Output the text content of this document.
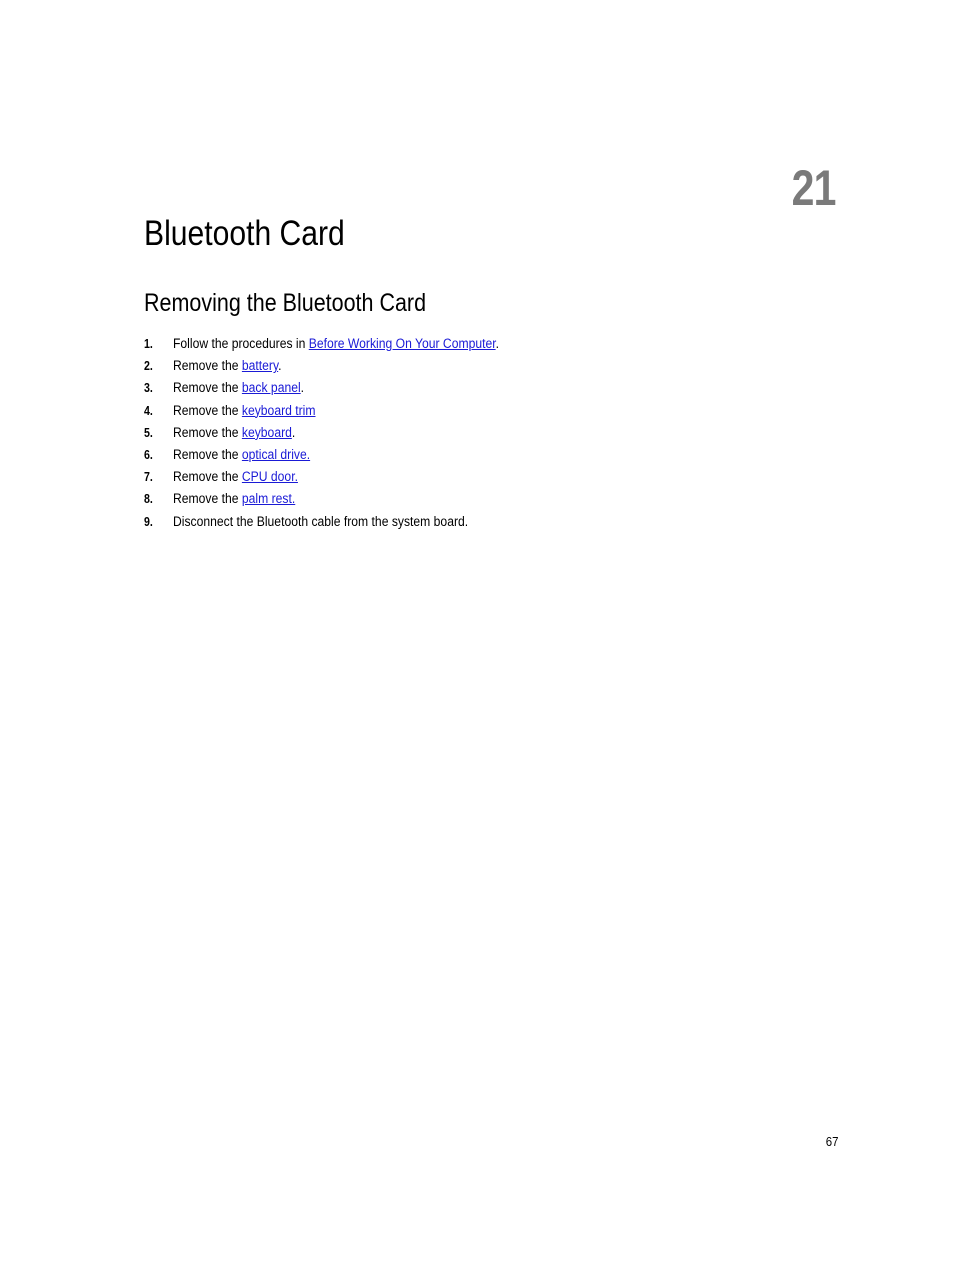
21
Bluetooth Card
Removing the Bluetooth Card
1. Follow the procedures in Before Working On Your Computer.
2. Remove the battery.
3. Remove the back panel.
4. Remove the keyboard trim
5. Remove the keyboard.
6. Remove the optical drive.
7. Remove the CPU door.
8. Remove the palm rest.
9. Disconnect the Bluetooth cable from the system board.
67
